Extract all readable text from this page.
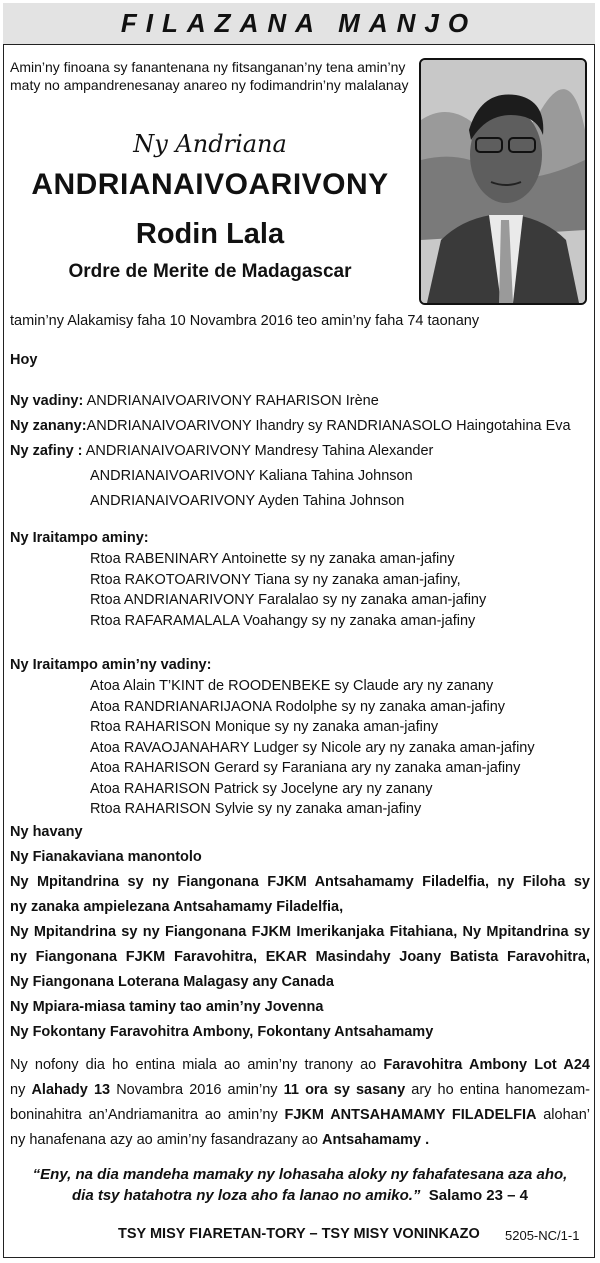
FILAZANA MANJO
Amin’ny finoana sy fanantenana ny fitsanganan’ny tena amin’ny maty no ampandrenesanay anareo ny fodimandrin’ny malalanay
Ny Andriana
ANDRIANAIVOARIVONY
Rodin Lala
Ordre de Merite de Madagascar
tamin’ny Alakamisy faha 10 Novambra 2016 teo amin’ny faha 74 taonany
Hoy
Ny vadiny: ANDRIANAIVOARIVONY RAHARISON Irène
Ny zanany:ANDRIANAIVOARIVONY Ihandry sy RANDRIANASOLO Haingotahina Eva
Ny zafiny : ANDRIANAIVOARIVONY Mandresy Tahina Alexander
ANDRIANAIVOARIVONY Kaliana Tahina Johnson
ANDRIANAIVOARIVONY Ayden Tahina Johnson
Ny Iraitampo aminy:
Rtoa RABENINARY Antoinette sy ny zanaka aman-jafiny
Rtoa RAKOTOARIVONY Tiana sy ny zanaka aman-jafiny,
Rtoa ANDRIANARIVONY Faralalao sy ny zanaka aman-jafiny
Rtoa RAFARAMALALA Voahangy sy ny zanaka aman-jafiny
Ny Iraitampo amin’ny vadiny:
Atoa Alain T’KINT de ROODENBEKE sy Claude ary ny zanany
Atoa RANDRIANARIJAONA Rodolphe sy ny zanaka aman-jafiny
Rtoa RAHARISON Monique sy ny zanaka aman-jafiny
Atoa RAVAOJANAHARY Ludger sy Nicole ary ny zanaka aman-jafiny
Atoa RAHARISON Gerard sy Faraniana ary ny zanaka aman-jafiny
Atoa RAHARISON Patrick sy Jocelyne ary ny zanany
Rtoa RAHARISON Sylvie sy ny zanaka aman-jafiny
Ny havany
Ny Fianakaviana manontolo
Ny Mpitandrina sy ny Fiangonana FJKM Antsahamamy Filadelfia, ny Filoha sy
ny zanaka ampielezana Antsahamamy Filadelfia,
Ny Mpitandrina sy ny Fiangonana FJKM Imerikanjaka Fitahiana, Ny Mpitandrina sy
ny Fiangonana FJKM Faravohitra, EKAR Masindahy Joany Batista Faravohitra,
Ny Fiangonana Loterana Malagasy any Canada
Ny Mpiara-miasa taminy tao amin’ny Jovenna
Ny Fokontany Faravohitra Ambony, Fokontany Antsahamamy
Ny nofony dia ho entina miala ao amin’ny tranony ao Faravohitra Ambony Lot A24
ny Alahady 13 Novambra 2016 amin’ny 11 ora sy sasany ary ho entina hanomezam-
boninahitra an’Andriamanitra ao amin’ny FJKM ANTSAHAMAMY FILADELFIA alohan’
ny hanafenana azy ao amin’ny fasandrazany ao Antsahamamy .
“Eny, na dia mandeha mamaky ny lohasaha aloky ny fahafatesana aza aho,
dia tsy hatahotra ny loza aho fa lanao no amiko.” Salamo 23 – 4
TSY MISY FIARETAN-TORY – TSY MISY VONINKAZO 5205-NC/1-1
